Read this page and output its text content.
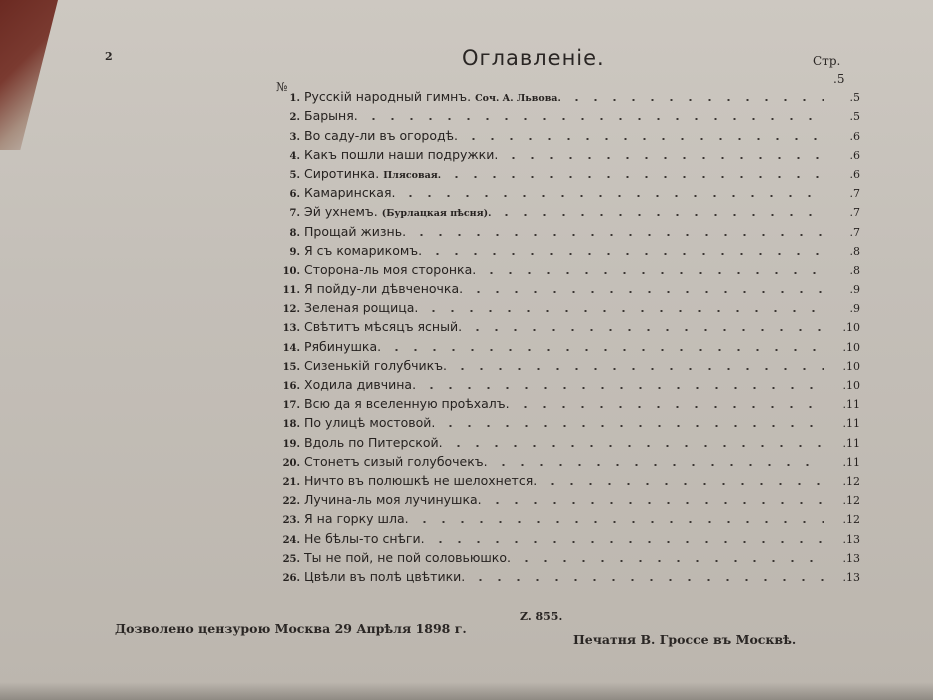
2	Оглавленіе.	Стр.
№
.5
1. Русскій народный гимнъ. Соч. А. Львова.	.5
2. Барыня.	.5
3. Во саду-ли въ огородѣ.	.6
4. Какъ пошли наши подружки.	.6
5. Сиротинка. Плясовая.	.6
6. Камаринская.	.7
7. Эй ухнемъ. (Бурлацкая пѣсня).	.7
8. Прощай жизнь.	.7
9. Я съ комарикомъ.	.8
10. Сторона-ль моя сторонка.	.8
11. Я пойду-ли дѣвченочка.	.9
12. Зеленая рощица.	.9
13. Свѣтитъ мѣсяцъ ясный.	.10
14. Рябинушка.	.10
15. Сизенькій голубчикъ.	.10
16. Ходила дивчина.	.10
17. Всю да я вселенную проѣхалъ.	.11
18. По улицѣ мостовой.	.11
19. Вдоль по Питерской.	.11
20. Стонетъ сизый голубочекъ.	.11
21. Ничто въ полюшкѣ не шелохнется.	.12
22. Лучина-ль моя лучинушка.	.12
23. Я на горку шла.	.12
24. Не бѣлы-то снѣги.	.13
25. Ты не пой, не пой соловьюшко.	.13
26. Цвѣли въ полѣ цвѣтики.	.13
Дозволено цензурою Москва 29 Апрѣля 1898 г.
Z. 855.
Печатня В. Гроссе въ Москвѣ.
